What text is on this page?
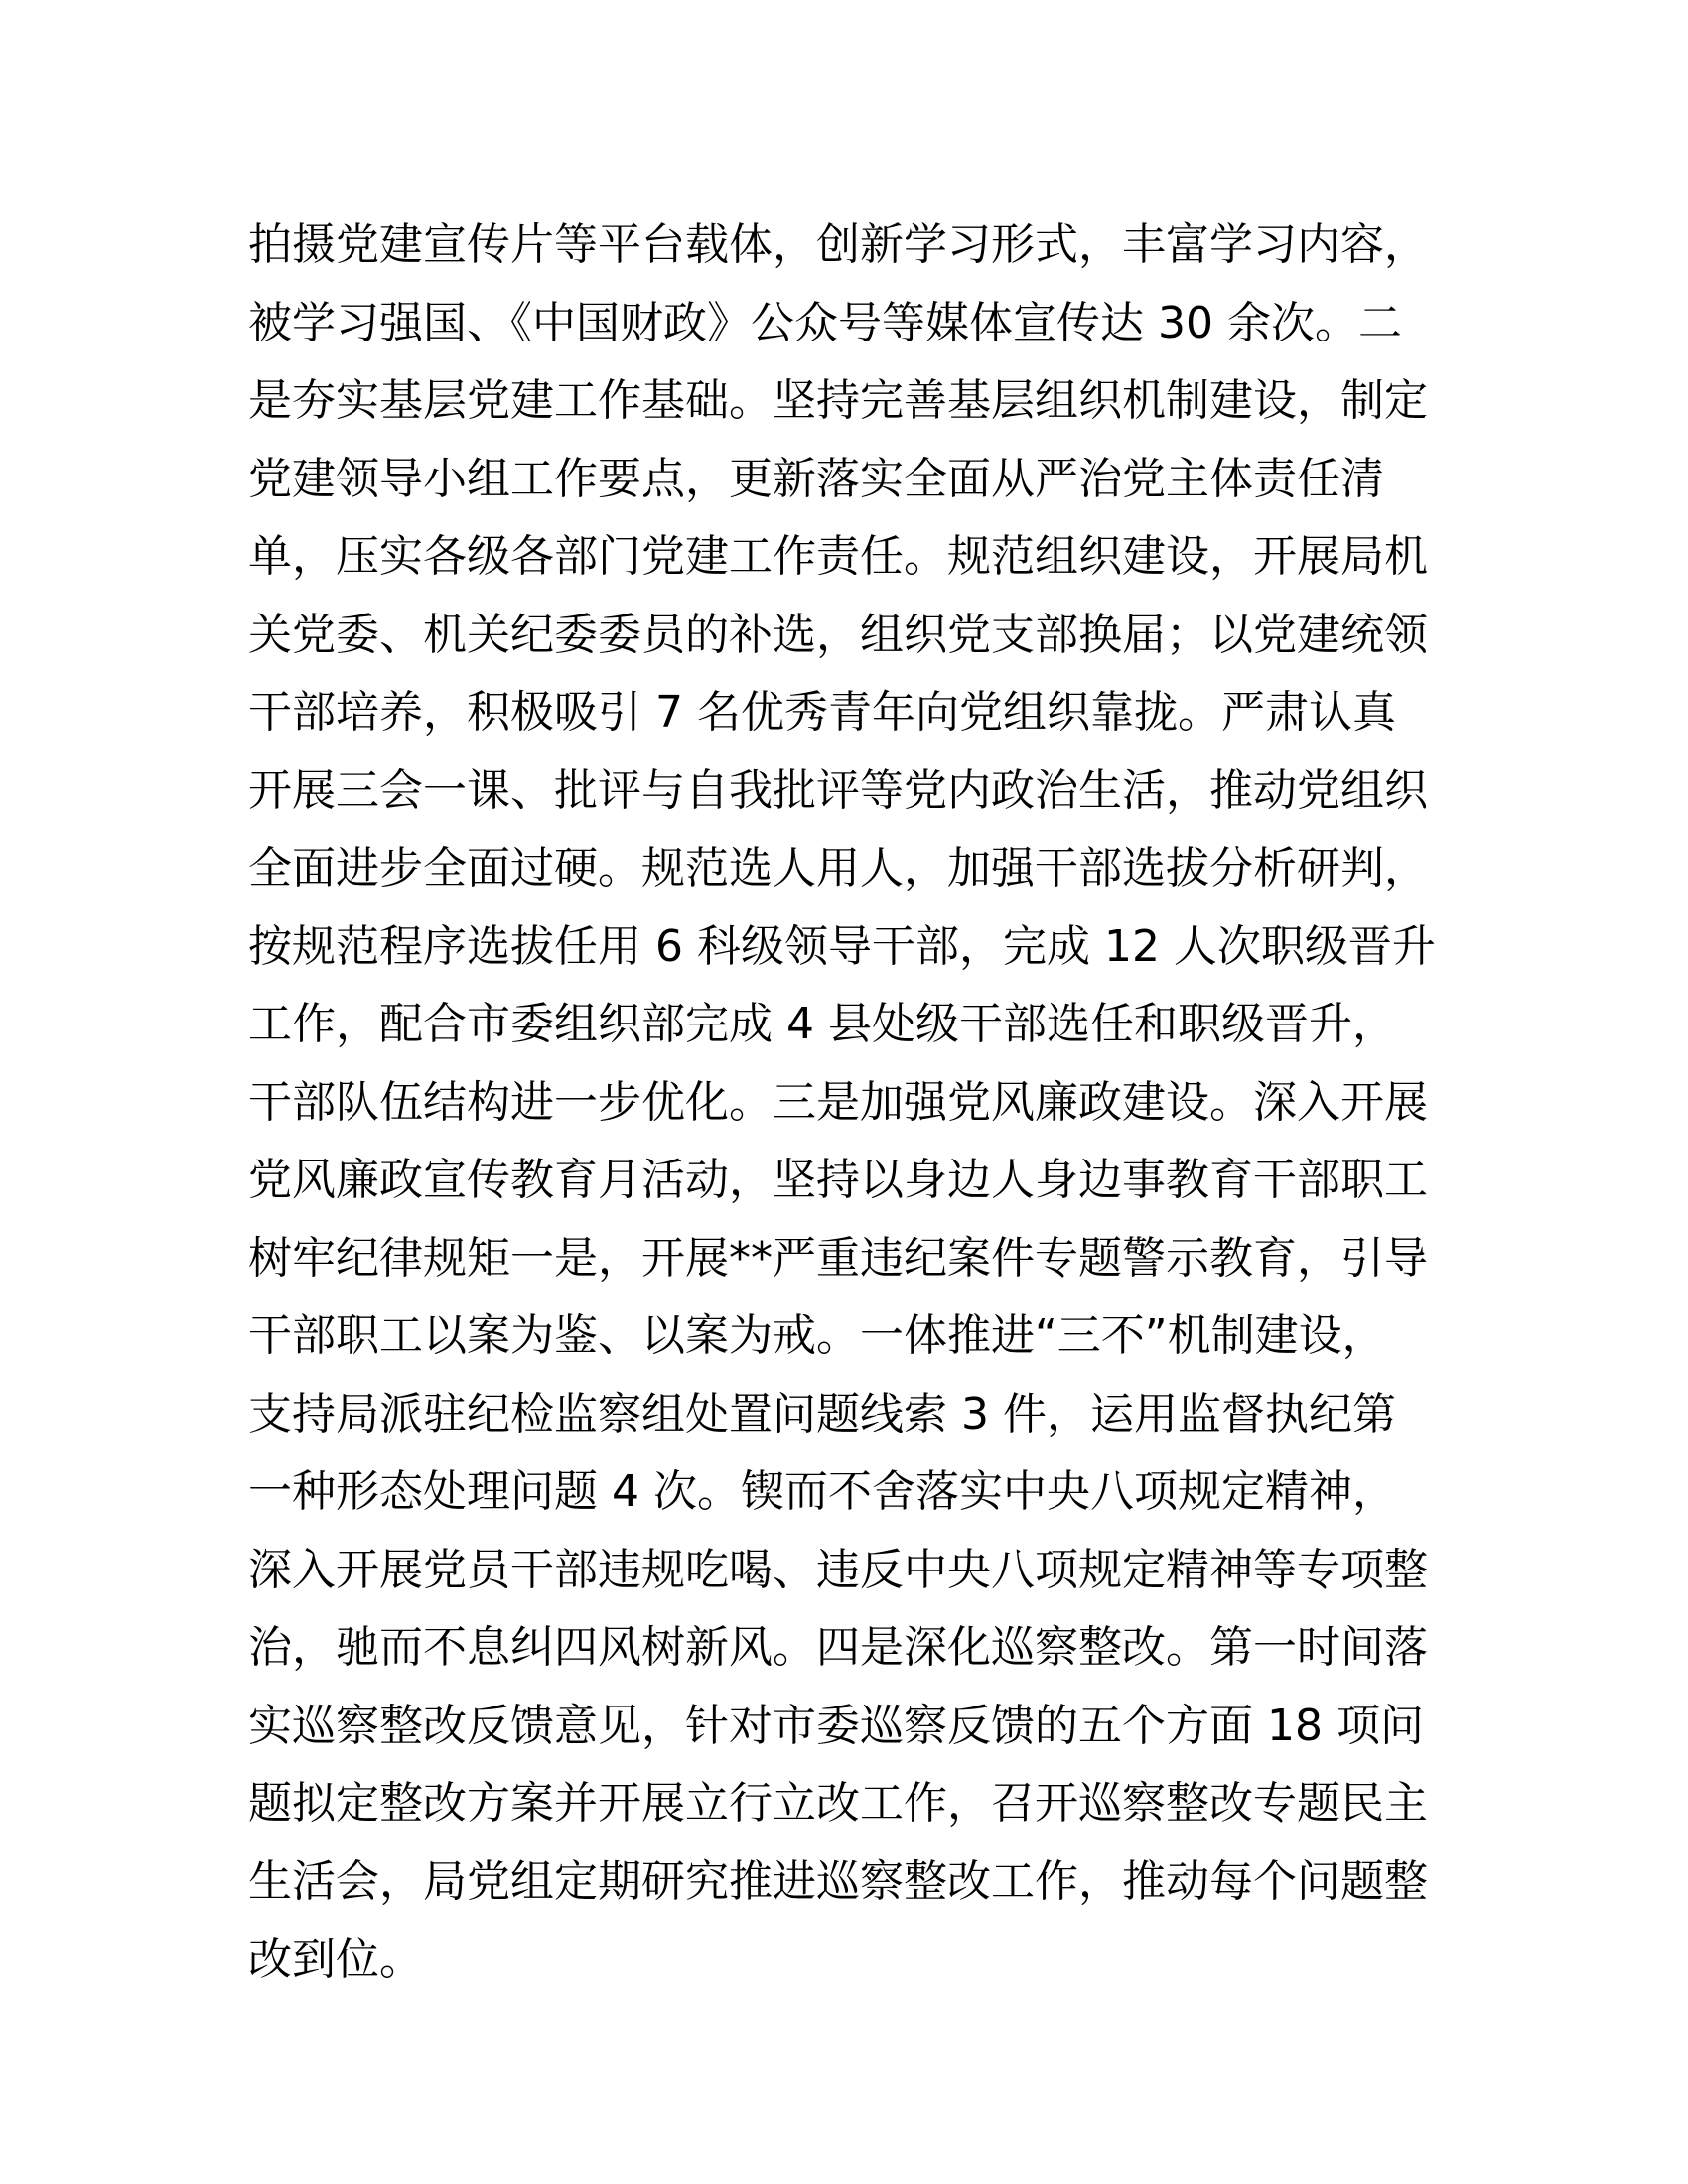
拍摄党建宣传片等平台载体，创新学习形式，丰富学习内容，
被学习强国、《中国财政》公众号等媒体宣传达 30 余次。二
是夯实基层党建工作基础。坚持完善基层组织机制建设，制定
党建领导小组工作要点，更新落实全面从严治党主体责任清
单，压实各级各部门党建工作责任。规范组织建设，开展局机
关党委、机关纪委委员的补选，组织党支部换届；以党建统领
干部培养，积极吸引 7 名优秀青年向党组织靠拢。严肃认真
开展三会一课、批评与自我批评等党内政治生活，推动党组织
全面进步全面过硬。规范选人用人，加强干部选拔分析研判，
按规范程序选拔任用 6 科级领导干部，完成 12 人次职级晋升
工作，配合市委组织部完成 4 县处级干部选任和职级晋升，
干部队伍结构进一步优化。三是加强党风廉政建设。深入开展
党风廉政宣传教育月活动，坚持以身边人身边事教育干部职工
树牢纪律规矩一是，开展**严重违纪案件专题警示教育，引导
干部职工以案为鉴、以案为戒。一体推进“三不”机制建设，
支持局派驻纪检监察组处置问题线索 3 件，运用监督执纪第
一种形态处理问题 4 次。锲而不舍落实中央八项规定精神，
深入开展党员干部违规吃喝、违反中央八项规定精神等专项整
治，驰而不息纠四风树新风。四是深化巡察整改。第一时间落
实巡察整改反馈意见，针对市委巡察反馈的五个方面 18 项问
题拟定整改方案并开展立行立改工作，召开巡察整改专题民主
生活会，局党组定期研究推进巡察整改工作，推动每个问题整
改到位。
